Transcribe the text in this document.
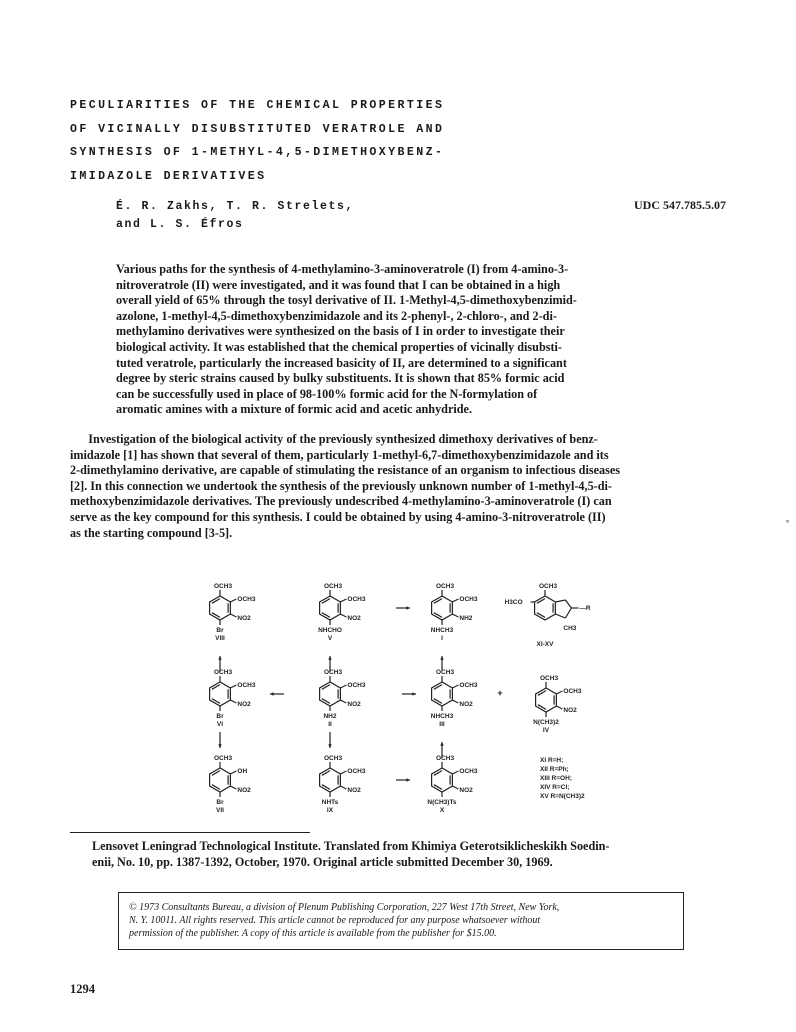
PECULIARITIES OF THE CHEMICAL PROPERTIES
OF VICINALLY DISUBSTITUTED VERATROLE AND
SYNTHESIS OF 1-METHYL-4,5-DIMETHOXYBENZ-
IMIDAZOLE DERIVATIVES
É. R. Zakhs, T. R. Strelets,
and L. S. Éfros
UDC 547.785.5.07
Various paths for the synthesis of 4-methylamino-3-aminoveratrole (I) from 4-amino-3-
nitroveratrole (II) were investigated, and it was found that I can be obtained in a high
overall yield of 65% through the tosyl derivative of II. 1-Methyl-4,5-dimethoxybenzimid-
azolone, 1-methyl-4,5-dimethoxybenzimidazole and its 2-phenyl-, 2-chloro-, and 2-di-
methylamino derivatives were synthesized on the basis of I in order to investigate their
biological activity. It was established that the chemical properties of vicinally disubsti-
tuted veratrole, particularly the increased basicity of II, are determined to a significant
degree by steric strains caused by bulky substituents. It is shown that 85% formic acid
can be successfully used in place of 98-100% formic acid for the N-formylation of
aromatic amines with a mixture of formic acid and acetic anhydride.
Investigation of the biological activity of the previously synthesized dimethoxy derivatives of benz-
imidazole [1] has shown that several of them, particularly 1-methyl-6,7-dimethoxybenzimidazole and its
2-dimethylamino derivative, are capable of stimulating the resistance of an organism to infectious diseases
[2]. In this connection we undertook the synthesis of the previously unknown number of 1-methyl-4,5-di-
methoxybenzimidazole derivatives. The previously undescribed 4-methylamino-3-aminoveratrole (I) can
serve as the key compound for this synthesis. I could be obtained by using 4-amino-3-nitroveratrole (II)
as the starting compound [3-5].
°
OCH3
OCH3
NO2
Br
VIII
OCH3
OCH3
NO2
NHCHO
V
OCH3
OCH3
NH2
NHCH3
I
OCH3
OCH3
NO2
Br
VI
OCH3
OCH3
NO2
NH2
II
OCH3
OCH3
NO2
NHCH3
III
OCH3
OCH3
NO2
N(CH3)2
IV
OCH3
OH
NO2
Br
VII
OCH3
OCH3
NO2
NHTs
IX
OCH3
OCH3
NO2
N(CH3)Ts
X
H3CO
OCH3
—R
CH3
XI-XV
+
XI R=H;
XII R=Ph;
XIII R=OH;
XIV R=Cl;
XV R=N(CH3)2
Lensovet Leningrad Technological Institute. Translated from Khimiya Geterotsiklicheskikh Soedin-
enii, No. 10, pp. 1387-1392, October, 1970. Original article submitted December 30, 1969.
© 1973 Consultants Bureau, a division of Plenum Publishing Corporation, 227 West 17th Street, New York,
N. Y. 10011. All rights reserved. This article cannot be reproduced for any purpose whatsoever without
permission of the publisher. A copy of this article is available from the publisher for $15.00.
1294
